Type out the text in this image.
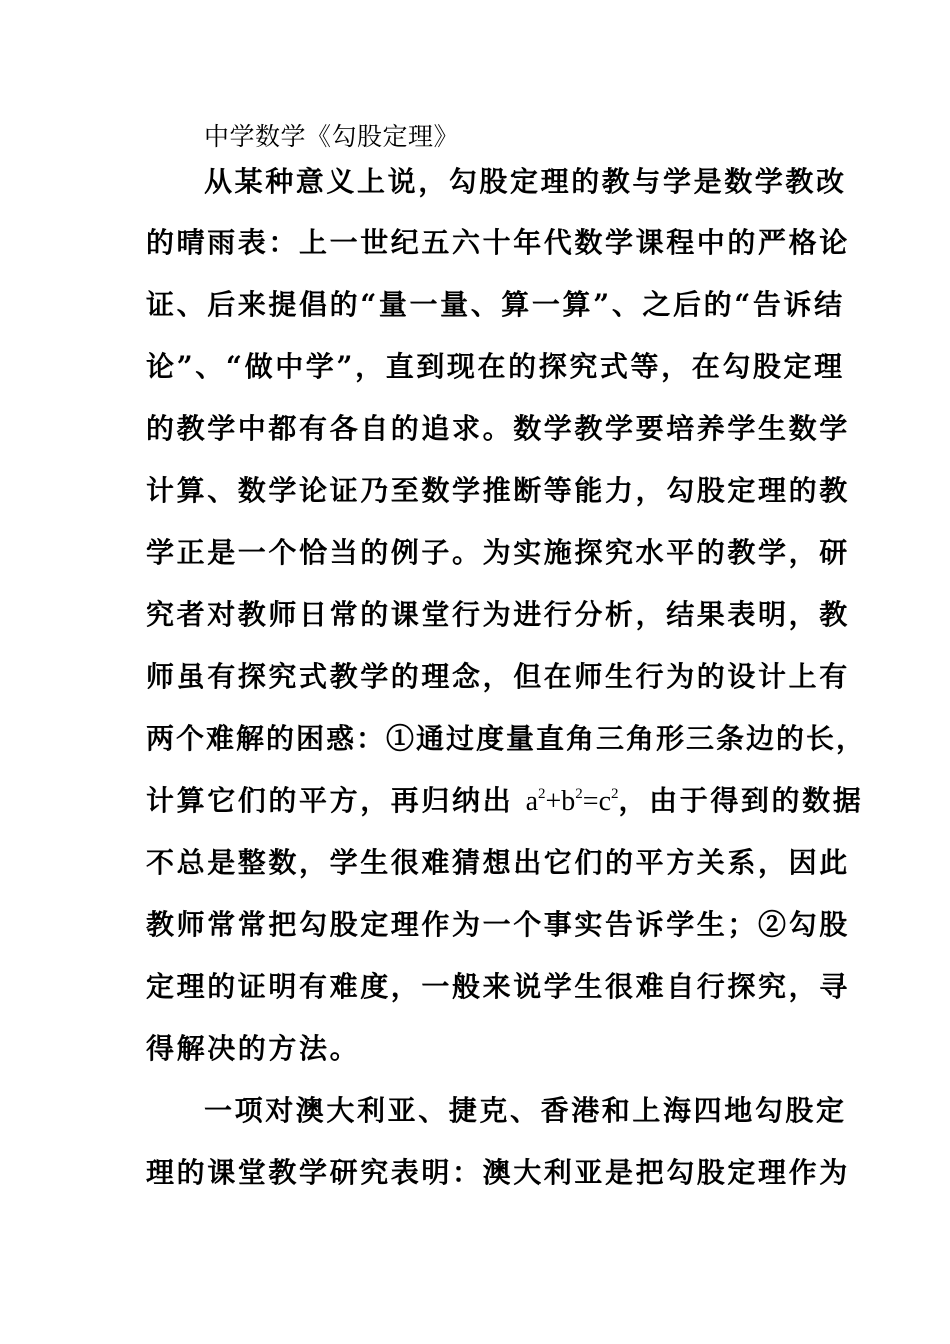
中学数学《勾股定理》
从某种意义上说，勾股定理的教与学是数学教改
的晴雨表：上一世纪五六十年代数学课程中的严格论
证、后来提倡的“量一量、算一算”、之后的“告诉结
论”、“做中学”，直到现在的探究式等，在勾股定理
的教学中都有各自的追求。数学教学要培养学生数学
计算、数学论证乃至数学推断等能力，勾股定理的教
学正是一个恰当的例子。为实施探究水平的教学，研
究者对教师日常的课堂行为进行分析，结果表明，教
师虽有探究式教学的理念，但在师生行为的设计上有
两个难解的困惑：①通过度量直角三角形三条边的长，
计算它们的平方，再归纳出 $a^2+b^2=c^2$，由于得到的数据
不总是整数，学生很难猜想出它们的平方关系，因此
教师常常把勾股定理作为一个事实告诉学生；②勾股
定理的证明有难度，一般来说学生很难自行探究，寻
得解决的方法。
一项对澳大利亚、捷克、香港和上海四地勾股定
理的课堂教学研究表明：澳大利亚是把勾股定理作为
